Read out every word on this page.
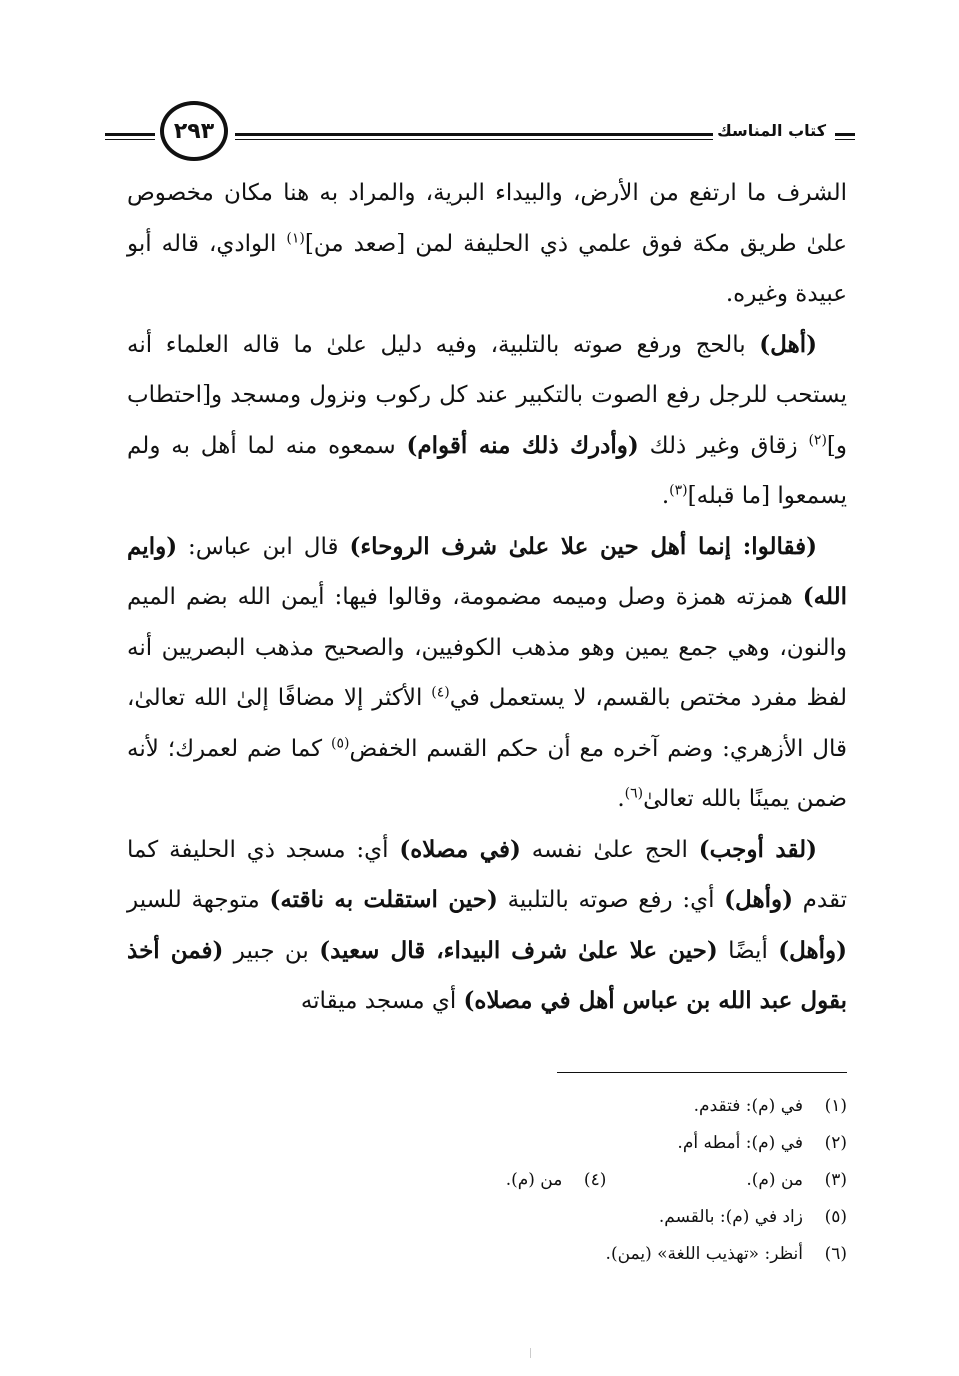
كتاب المناسك
٢٩٣

الشرف ما ارتفع من الأرض، والبيداء البرية، والمراد به هنا مكان مخصوص علىٰ طريق مكة فوق علمي ذي الحليفة لمن [صعد من]$^{(١)}$ الوادي، قاله أبو عبيدة وغيره.

(أهل) بالحج ورفع صوته بالتلبية، وفيه دليل علىٰ ما قاله العلماء أنه يستحب للرجل رفع الصوت بالتكبير عند كل ركوب ونزول ومسجد و[احتطاب و]$^{(٢)}$ زقاق وغير ذلك (وأدرك ذلك منه أقوام) سمعوه منه لما أهل به ولم يسمعوا [ما قبله]$^{(٣)}$.

(فقالوا: إنما أهل حين علا علىٰ شرف الروحاء) قال ابن عباس: (وايم الله) همزته همزة وصل وميمه مضمومة، وقالوا فيها: أيمن الله بضم الميم والنون، وهي جمع يمين وهو مذهب الكوفيين، والصحيح مذهب البصريين أنه لفظ مفرد مختص بالقسم، لا يستعمل في$^{(٤)}$ الأكثر إلا مضافًا إلىٰ الله تعالىٰ، قال الأزهري: وضم آخره مع أن حكم القسم الخفض$^{(٥)}$ كما ضم لعمرك؛ لأنه ضمن يمينًا بالله تعالىٰ$^{(٦)}$.

(لقد أوجب) الحج علىٰ نفسه (في مصلاه) أي: مسجد ذي الحليفة كما تقدم (وأهل) أي: رفع صوته بالتلبية (حين استقلت به ناقته) متوجهة للسير (وأهل) أيضًا (حين علا علىٰ شرف البيداء، قال سعيد) بن جبير (فمن أخذ بقول عبد الله بن عباس أهل في مصلاه) أي مسجد ميقاته

(١)
في (م): فتقدم.
(٢)
في (م): أمطه أم.
(٣)
من (م).
(٤)
من (م).
(٥)
زاد في (م): بالقسم.
(٦)
أنظر: «تهذيب اللغة» (يمن).
